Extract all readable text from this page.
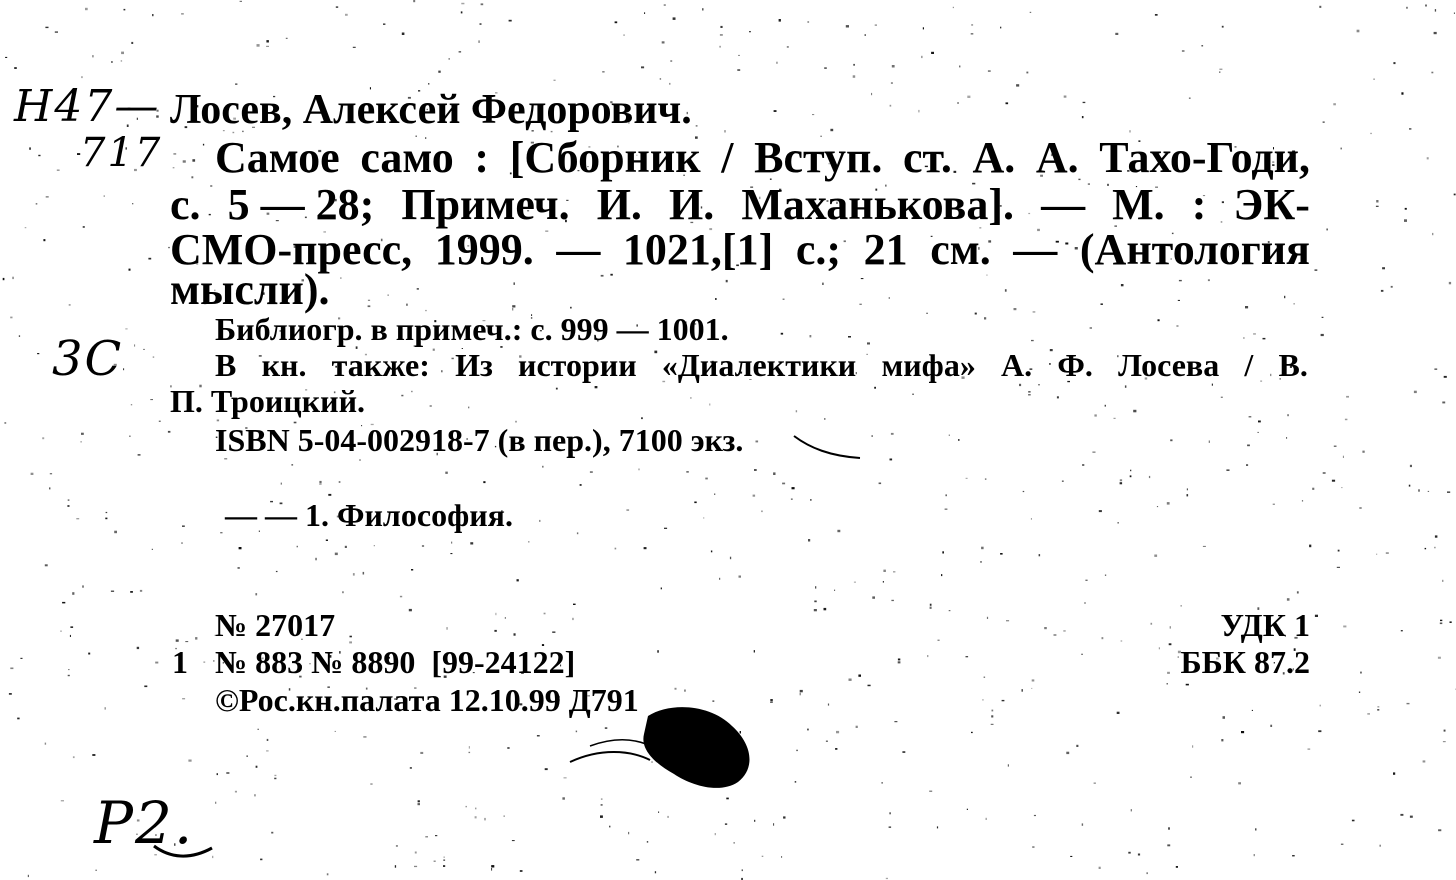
Н47—
717
3С
Р2.
Лосев, Алексей Федорович.
Самое само : [Сборник / Вступ. ст. А. А. Тахо-Годи,
с. 5 — 28; Примеч. И. И. Маханькова]. — М. : ЭК-
СМО-пресс, 1999. — 1021,[1] с.; 21 см. — (Антология
мысли).
Библиогр. в примеч.: с. 999 — 1001.
В кн. также: Из истории «Диалектики мифа» А. Ф. Лосева / В.
П. Троицкий.
ISBN 5-04-002918-7 (в пер.), 7100 экз.
— — 1. Философия.
№ 27017
1 № 883 № 8890  [99-24122]
©Рос.кн.палата 12.10.99 Д791
УДК 1
ББК 87.2
